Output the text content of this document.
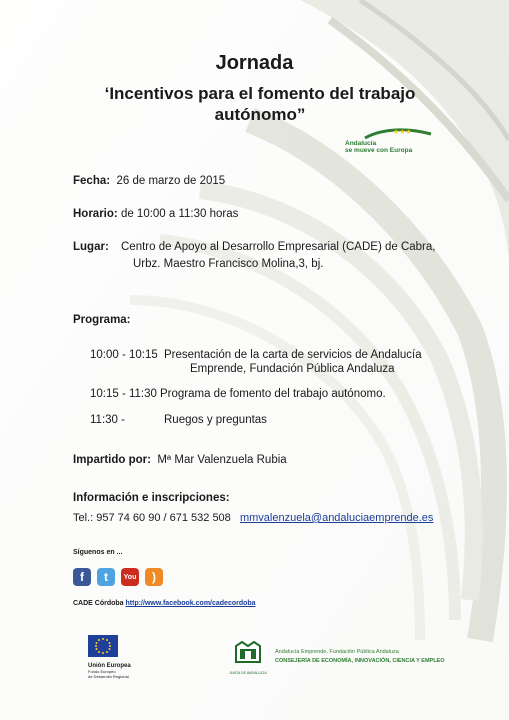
Jornada
‘Incentivos para el fomento del trabajo
autónomo”
★★★
Andalucía
se mueve con Europa
Fecha: 26 de marzo de 2015
Horario: de 10:00 a 11:30 horas
Lugar: Centro de Apoyo al Desarrollo Empresarial (CADE) de Cabra,
Urbz. Maestro Francisco Molina,3, bj.
Programa:
10:00 - 10:15 Presentación de la carta de servicios de Andalucía
Emprende, Fundación Pública Andaluza
10:15 - 11:30 Programa de fomento del trabajo autónomo.
11:30 -	Ruegos y preguntas
Impartido por: Mª Mar Valenzuela Rubia
Información e inscripciones:
Tel.: 957 74 60 90 / 671 532 508 mmvalenzuela@andaluciaemprende.es
Síguenos en ...
f	t	You	)
CADE Córdoba http://www.facebook.com/cadecordoba
Unión Europea
Fondo Europeo
de Desarrollo Regional
JUNTA DE ANDALUCIA
Andalucía Emprende, Fundación Pública Andaluza
CONSEJERÍA DE ECONOMÍA, INNOVACIÓN, CIENCIA Y EMPLEO
